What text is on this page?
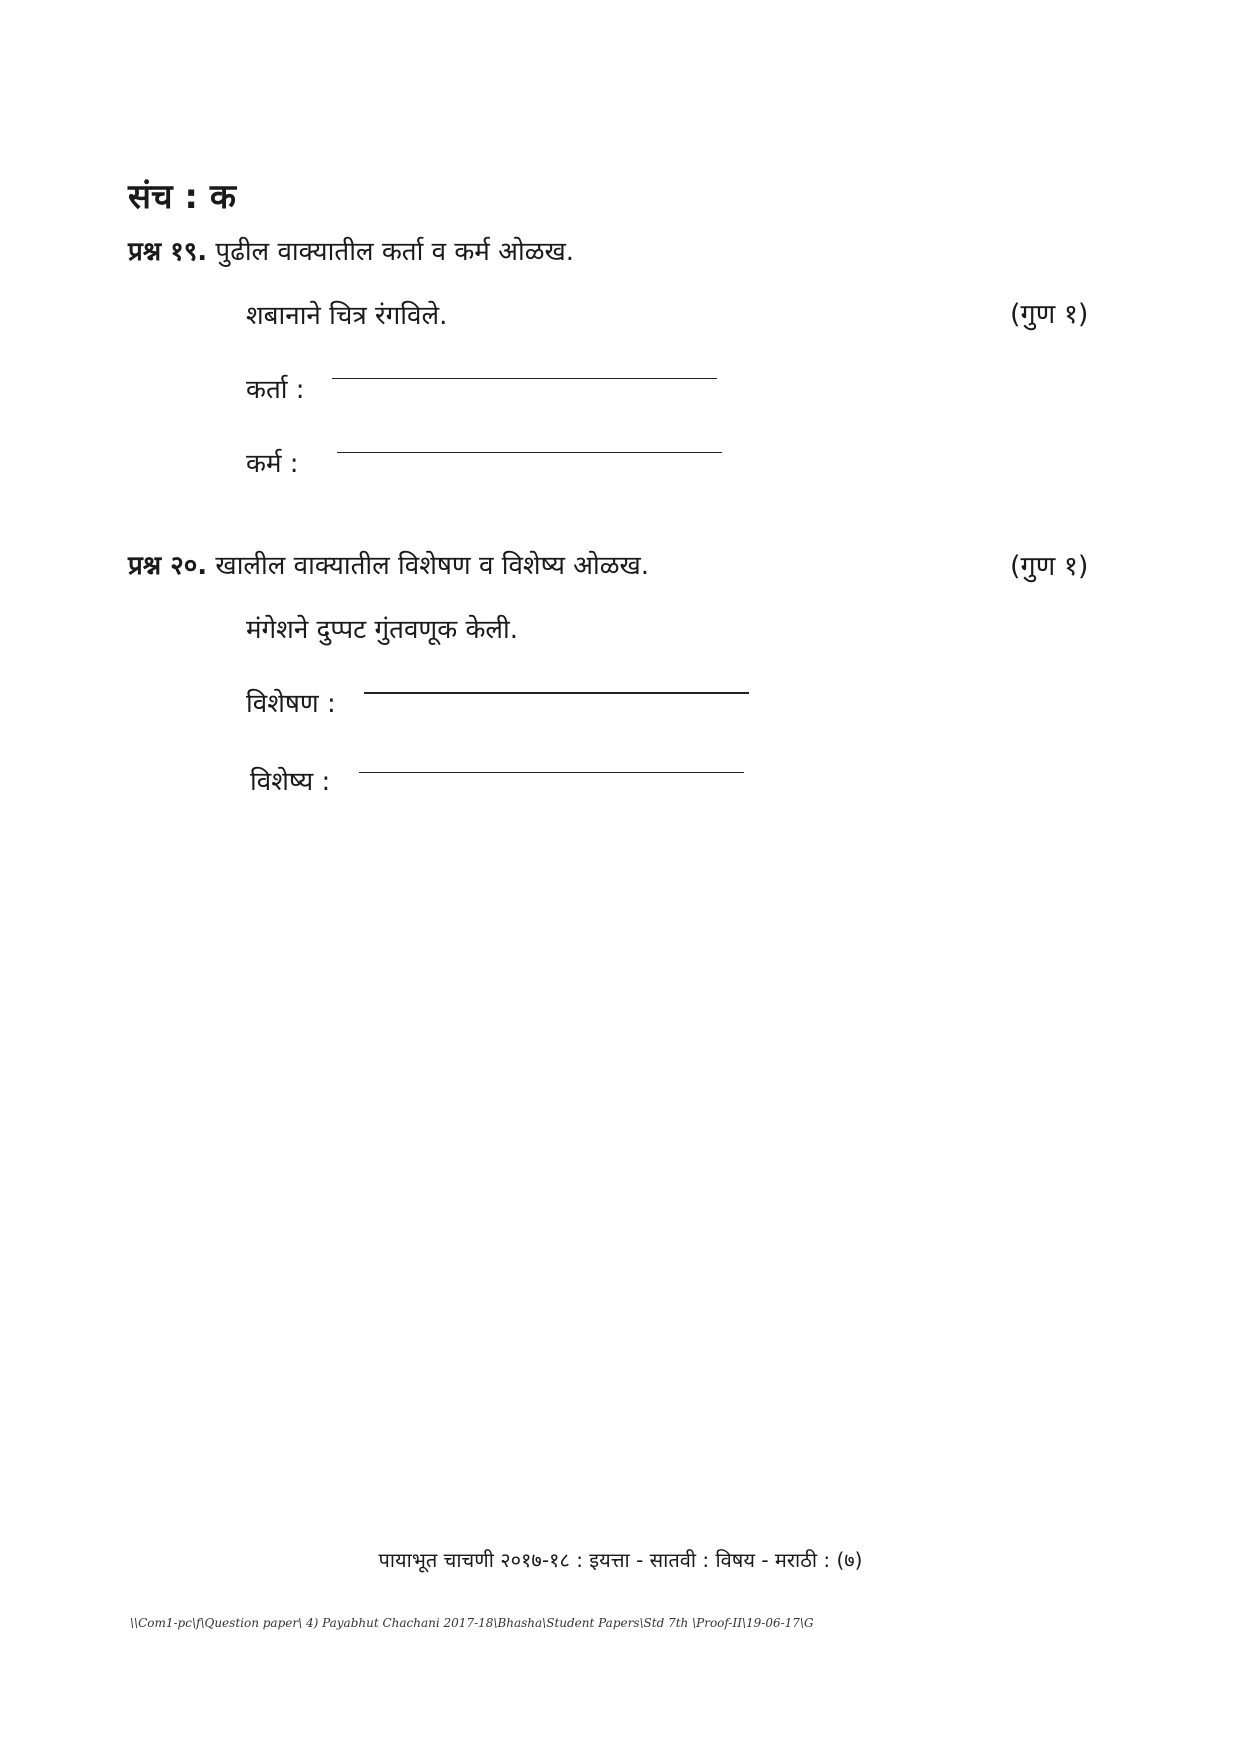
संच : क
प्रश्न १९. पुढील वाक्यातील कर्ता व कर्म ओळख.
शबानाने चित्र रंगविले.	(गुण १)
कर्ता :
कर्म :
प्रश्न २०. खालील वाक्यातील विशेषण व विशेष्य ओळख.	(गुण १)
मंगेशने दुप्पट गुंतवणूक केली.
विशेषण :
विशेष्य :
पायाभूत चाचणी २०१७-१८ : इयत्ता - सातवी : विषय - मराठी : (७)
\\Com1-pc\f\Question paper\ 4) Payabhut Chachani 2017-18\Bhasha\Student Papers\Std 7th \Proof-II\19-06-17\G
